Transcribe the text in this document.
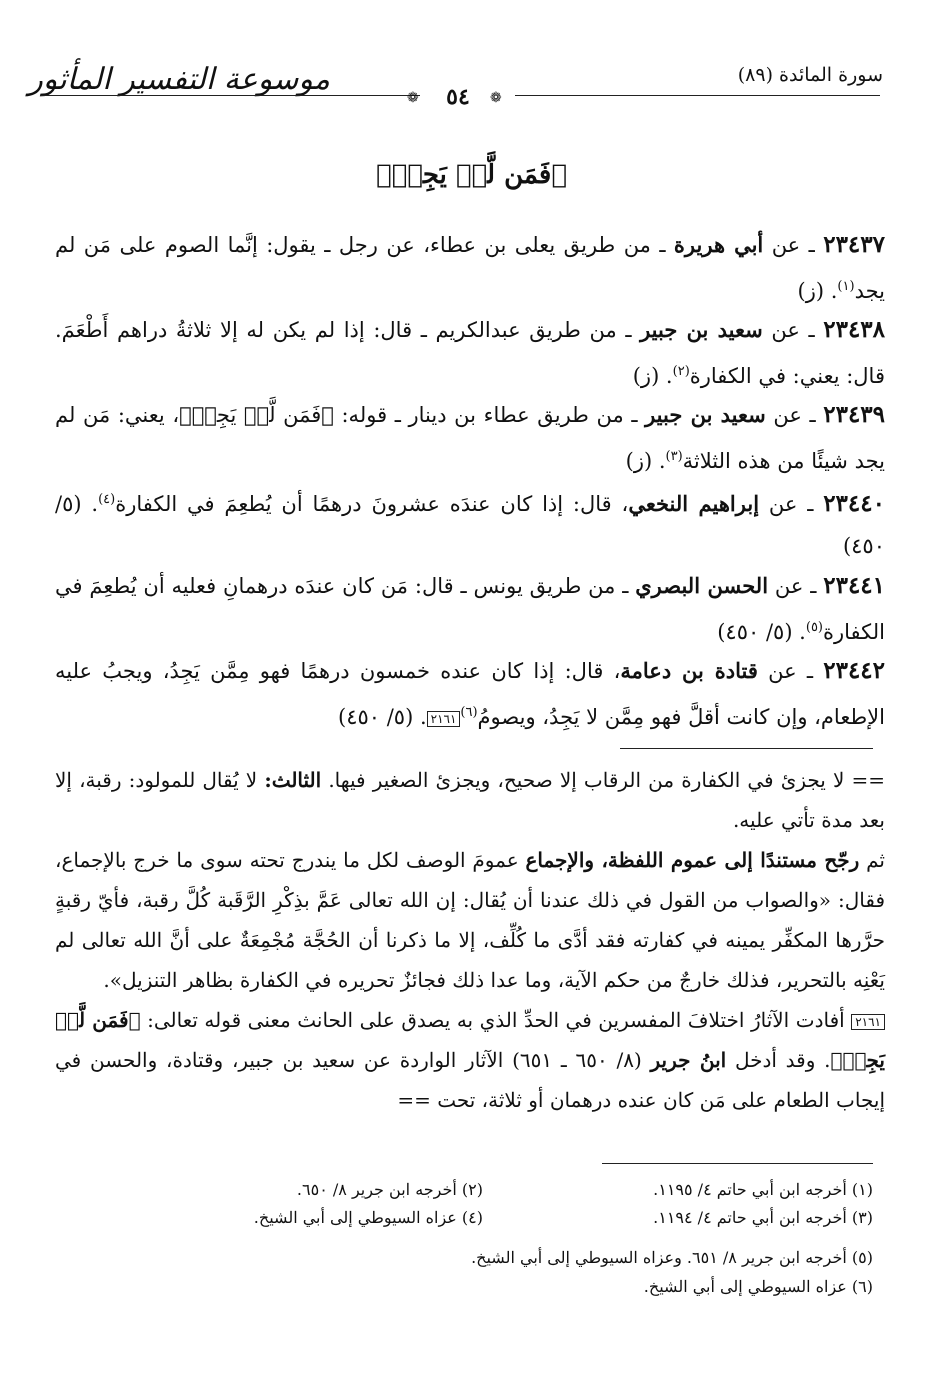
موسوعة التفسير المأثور	سورة المائدة (٨٩)
❁	٥٤	❁
﴿فَمَن لَّمۡ يَجِدۡ﴾
٢٣٤٣٧ ـ عن أبي هريرة ـ من طريق يعلى بن عطاء، عن رجل ـ يقول: إنَّما الصوم على مَن لم يجد$^{(١)}$. (ز)
٢٣٤٣٨ ـ عن سعيد بن جبير ـ من طريق عبدالكريم ـ قال: إذا لم يكن له إلا ثلاثةُ دراهم أَطْعَمَ. قال: يعني: في الكفارة$^{(٢)}$. (ز)
٢٣٤٣٩ ـ عن سعيد بن جبير ـ من طريق عطاء بن دينار ـ قوله: ﴿فَمَن لَّمۡ يَجِدۡ﴾، يعني: مَن لم يجد شيئًا من هذه الثلاثة$^{(٣)}$. (ز)
٢٣٤٤٠ ـ عن إبراهيم النخعي، قال: إذا كان عندَه عشرونَ درهمًا أن يُطعِمَ في الكفارة$^{(٤)}$. (٥/ ٤٥٠)
٢٣٤٤١ ـ عن الحسن البصري ـ من طريق يونس ـ قال: مَن كان عندَه درهمانِ فعليه أن يُطعِمَ في الكفارة$^{(٥)}$. (٥/ ٤٥٠)
٢٣٤٤٢ ـ عن قتادة بن دعامة، قال: إذا كان عنده خمسون درهمًا فهو مِمَّن يَجِدُ، ويجبُ عليه الإطعام، وإن كانت أقلَّ فهو مِمَّن لا يَجِدُ، ويصومُ$^{(٦)}$٢١٦١. (٥/ ٤٥٠)
== لا يجزئ في الكفارة من الرقاب إلا صحيح، ويجزئ الصغير فيها. الثالث: لا يُقال للمولود: رقبة، إلا بعد مدة تأتي عليه.
ثم رجّح مستندًا إلى عموم اللفظة، والإجماع عمومَ الوصف لكل ما يندرج تحته سوى ما خرج بالإجماع، فقال: «والصواب من القول في ذلك عندنا أن يُقال: إن الله تعالى عَمَّ بذِكْرِ الرَّقَبة كُلَّ رقبة، فأيّ رقبةٍ حرَّرها المكفِّر يمينه في كفارته فقد أدَّى ما كُلِّف، إلا ما ذكرنا أن الحُجَّة مُجْمِعَةٌ على أنَّ الله تعالى لم يَعْنِه بالتحرير، فذلك خارجٌ من حكم الآية، وما عدا ذلك فجائزٌ تحريره في الكفارة بظاهر التنزيل».
٢١٦١ أفادت الآثارُ اختلافَ المفسرين في الحدِّ الذي به يصدق على الحانث معنى قوله تعالى: ﴿فَمَن لَّمۡ يَجِدۡ﴾. وقد أدخل ابنُ جرير (٨/ ٦٥٠ ـ ٦٥١) الآثار الواردة عن سعيد بن جبير، وقتادة، والحسن في إيجاب الطعام على مَن كان عنده درهمان أو ثلاثة، تحت ==
(١) أخرجه ابن أبي حاتم ٤/ ١١٩٥.
(٢) أخرجه ابن جرير ٨/ ٦٥٠.
(٣) أخرجه ابن أبي حاتم ٤/ ١١٩٤.
(٤) عزاه السيوطي إلى أبي الشيخ.
(٥) أخرجه ابن جرير ٨/ ٦٥١. وعزاه السيوطي إلى أبي الشيخ.
(٦) عزاه السيوطي إلى أبي الشيخ.
